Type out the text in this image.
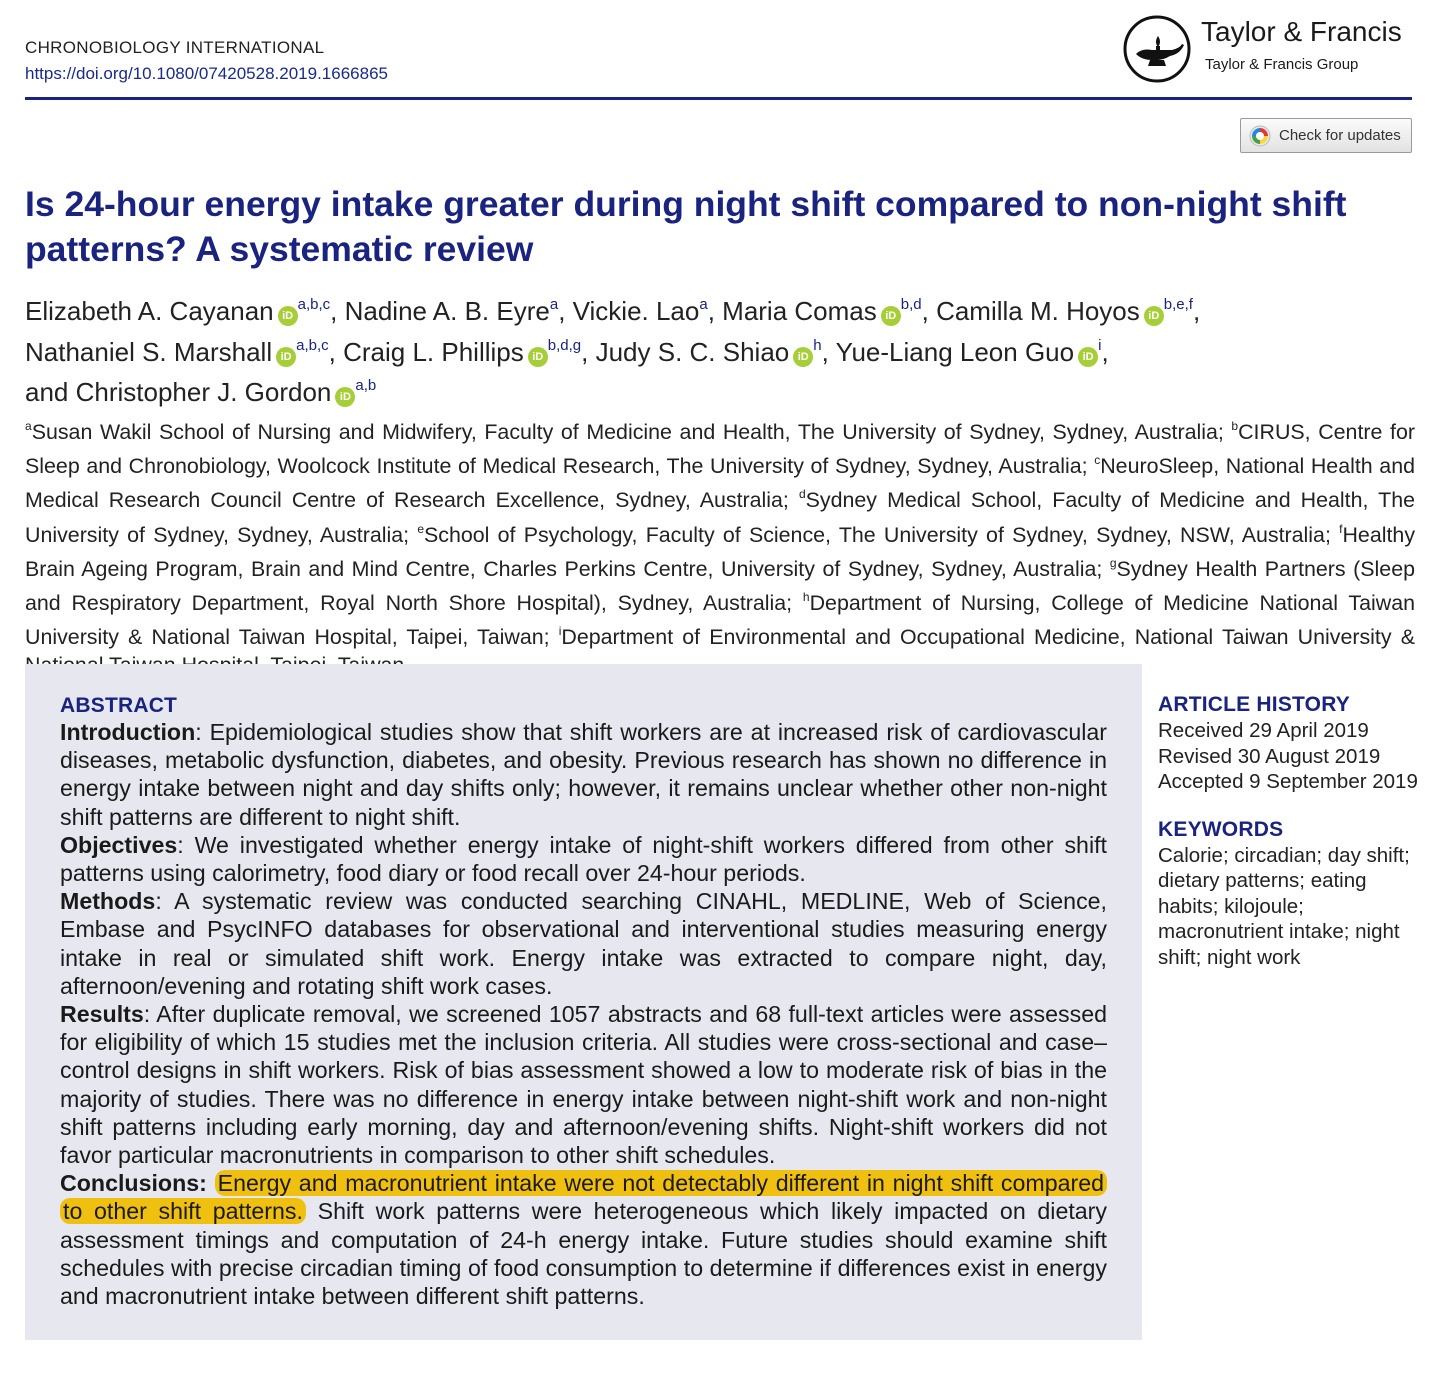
CHRONOBIOLOGY INTERNATIONAL
https://doi.org/10.1080/07420528.2019.1666865
Taylor & Francis
Taylor & Francis Group
Check for updates
Is 24-hour energy intake greater during night shift compared to non-night shift patterns? A systematic review
Elizabeth A. Cayanan iD$^{a,b,c}$, Nadine A. B. Eyre$^a$, Vickie. Lao$^a$, Maria Comas iD$^{b,d}$, Camilla M. Hoyos iD$^{b,e,f}$, Nathaniel S. Marshall iD$^{a,b,c}$, Craig L. Phillips iD$^{b,d,g}$, Judy S. C. Shiao $iD^h$, Yue-Liang Leon Guo $iD^i$, and Christopher J. Gordon iD$^{a,b}$
$^a$Susan Wakil School of Nursing and Midwifery, Faculty of Medicine and Health, The University of Sydney, Sydney, Australia; $^b$CIRUS, Centre for Sleep and Chronobiology, Woolcock Institute of Medical Research, The University of Sydney, Sydney, Australia; $^c$NeuroSleep, National Health and Medical Research Council Centre of Research Excellence, Sydney, Australia; $^d$Sydney Medical School, Faculty of Medicine and Health, The University of Sydney, Sydney, Australia; $^e$School of Psychology, Faculty of Science, The University of Sydney, Sydney, NSW, Australia; $^f$Healthy Brain Ageing Program, Brain and Mind Centre, Charles Perkins Centre, University of Sydney, Sydney, Australia; $^g$Sydney Health Partners (Sleep and Respiratory Department, Royal North Shore Hospital), Sydney, Australia; $^h$Department of Nursing, College of Medicine National Taiwan University & National Taiwan Hospital, Taipei, Taiwan; $^i$Department of Environmental and Occupational Medicine, National Taiwan University &
ABSTRACT

Introduction: Epidemiological studies show that shift workers are at increased risk of cardiovascular diseases, metabolic dysfunction, diabetes, and obesity. Previous research has shown no difference in energy intake between night and day shifts only; however, it remains unclear whether other non-night shift patterns are different to night shift.

Objectives: We investigated whether energy intake of night-shift workers differed from other shift patterns using calorimetry, food diary or food recall over 24-hour periods.

Methods: A systematic review was conducted searching CINAHL, MEDLINE, Web of Science, Embase and PsycINFO databases for observational and interventional studies measuring energy intake in real or simulated shift work. Energy intake was extracted to compare night, day, afternoon/evening and rotating shift work cases.

Results: After duplicate removal, we screened 1057 abstracts and 68 full-text articles were assessed for eligibility of which 15 studies met the inclusion criteria. All studies were cross-sectional and case–control designs in shift workers. Risk of bias assessment showed a low to moderate risk of bias in the majority of studies. There was no difference in energy intake between night-shift work and non-night shift patterns including early morning, day and afternoon/evening shifts. Night-shift workers did not favor particular macronutrients in comparison to other shift schedules.

Conclusions: Energy and macronutrient intake were not detectably different in night shift compared to other shift patterns. Shift work patterns were heterogeneous which likely impacted on dietary assessment timings and computation of 24-h energy intake. Future studies should examine shift schedules with precise circadian timing of food consumption to determine if differences exist in energy and macronutrient intake between different shift patterns.

ARTICLE HISTORY
Received 29 April 2019
Revised 30 August 2019
Accepted 9 September 2019
KEYWORDS
Calorie; circadian; day shift;
dietary patterns; eating
habits; kilojoule;
macronutrient intake; night
shift; night work
